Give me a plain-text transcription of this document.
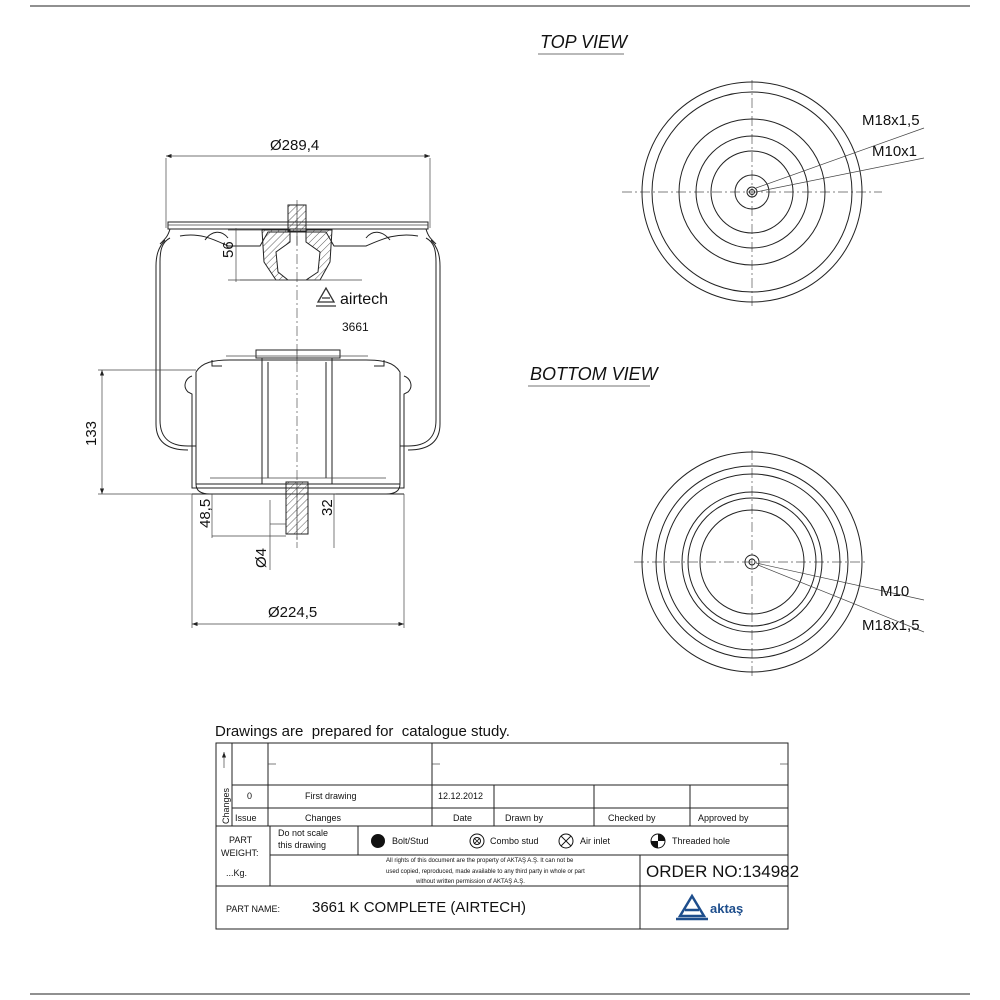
airtech
3661
Ø289,4
56
133
48,5	32
Ø4
Ø224,5
TOP VIEW
M18x1,5
M10x1
BOTTOM VIEW
M10
M18x1,5
Drawings are  prepared for  catalogue study.
Changes 0	First drawing	12.12.2012
Issue	Changes	Date	Drawn by	Checked by	Approved by
PART
WEIGHT:
...Kg.
Do not scale
this drawing	Bolt/Stud	Combo stud	Air inlet	Threaded hole
All rights of this document are the property of AKTAŞ A.Ş. It can not be
used copied, reproduced, made available to any third party in whole or part
without written permission of AKTAŞ A.Ş.
ORDER NO:134982
PART NAME: 3661 K COMPLETE (AIRTECH)	aktaş
